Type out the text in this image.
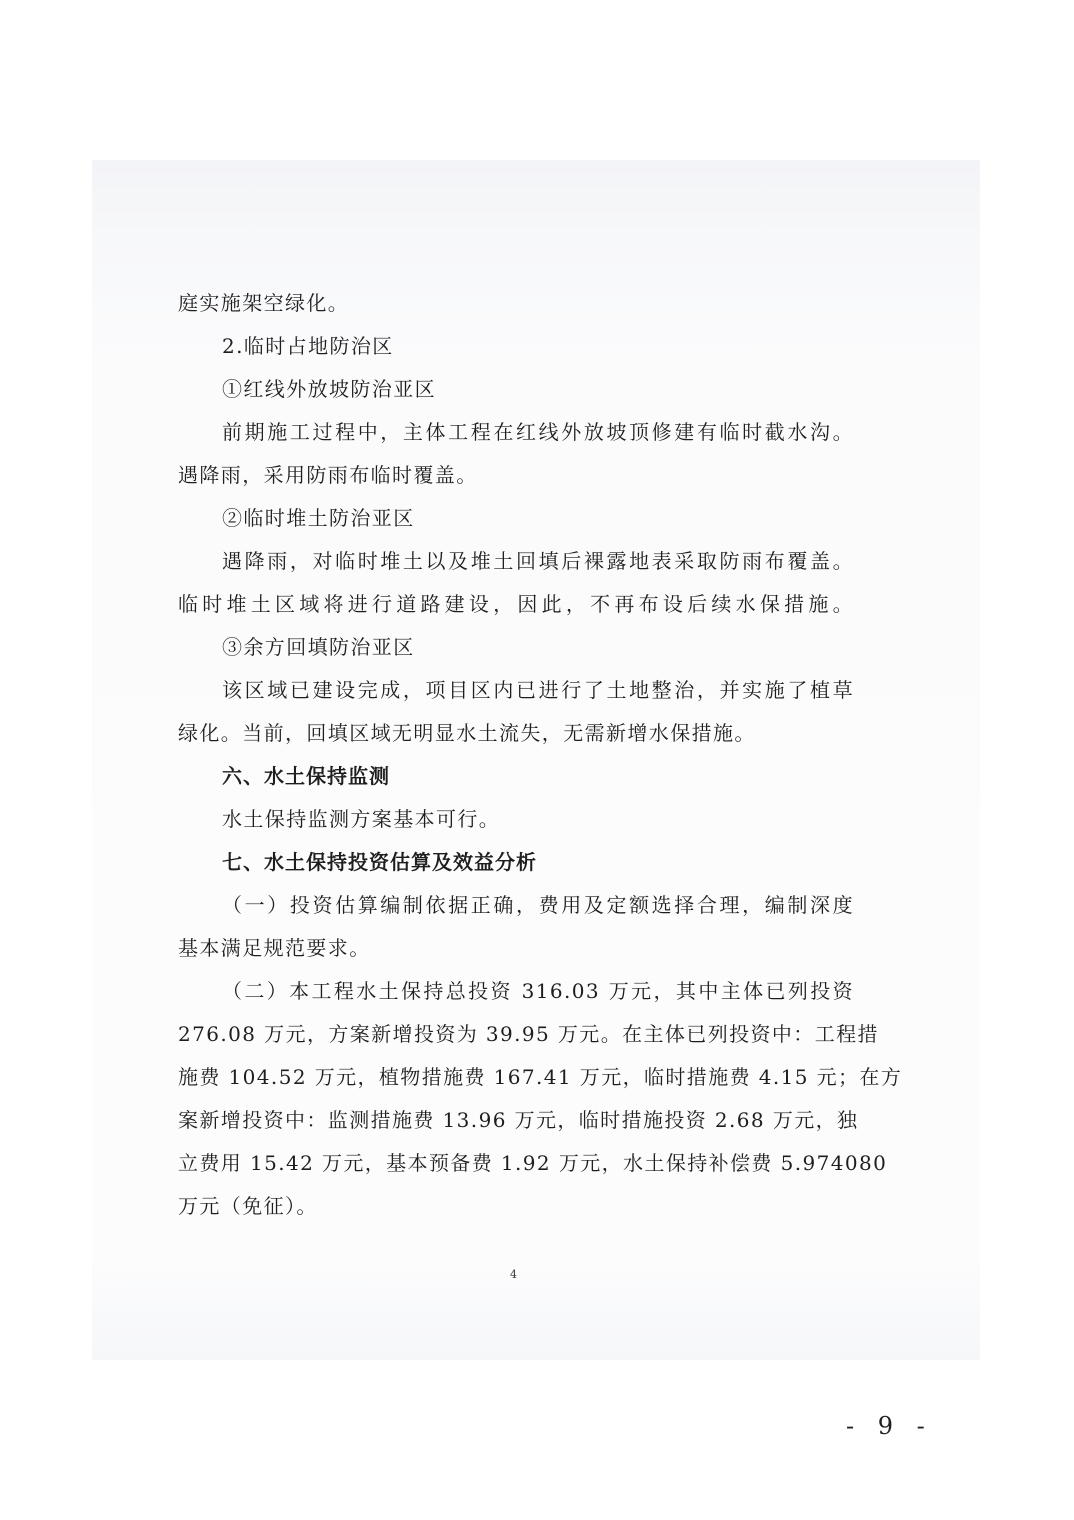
庭实施架空绿化。
2.临时占地防治区
①红线外放坡防治亚区
前期施工过程中，主体工程在红线外放坡顶修建有临时截水沟。
遇降雨，采用防雨布临时覆盖。
②临时堆土防治亚区
遇降雨，对临时堆土以及堆土回填后裸露地表采取防雨布覆盖。
临时堆土区域将进行道路建设，因此，不再布设后续水保措施。
③余方回填防治亚区
该区域已建设完成，项目区内已进行了土地整治，并实施了植草
绿化。当前，回填区域无明显水土流失，无需新增水保措施。
六、水土保持监测
水土保持监测方案基本可行。
七、水土保持投资估算及效益分析
（一）投资估算编制依据正确，费用及定额选择合理，编制深度
基本满足规范要求。
（二）本工程水土保持总投资 316.03 万元，其中主体已列投资
276.08 万元，方案新增投资为 39.95 万元。在主体已列投资中：工程措
施费 104.52 万元，植物措施费 167.41 万元，临时措施费 4.15 元；在方
案新增投资中：监测措施费 13.96 万元，临时措施投资 2.68 万元，独
立费用 15.42 万元，基本预备费 1.92 万元，水土保持补偿费 5.974080
万元（免征）。
4
- 9 -
